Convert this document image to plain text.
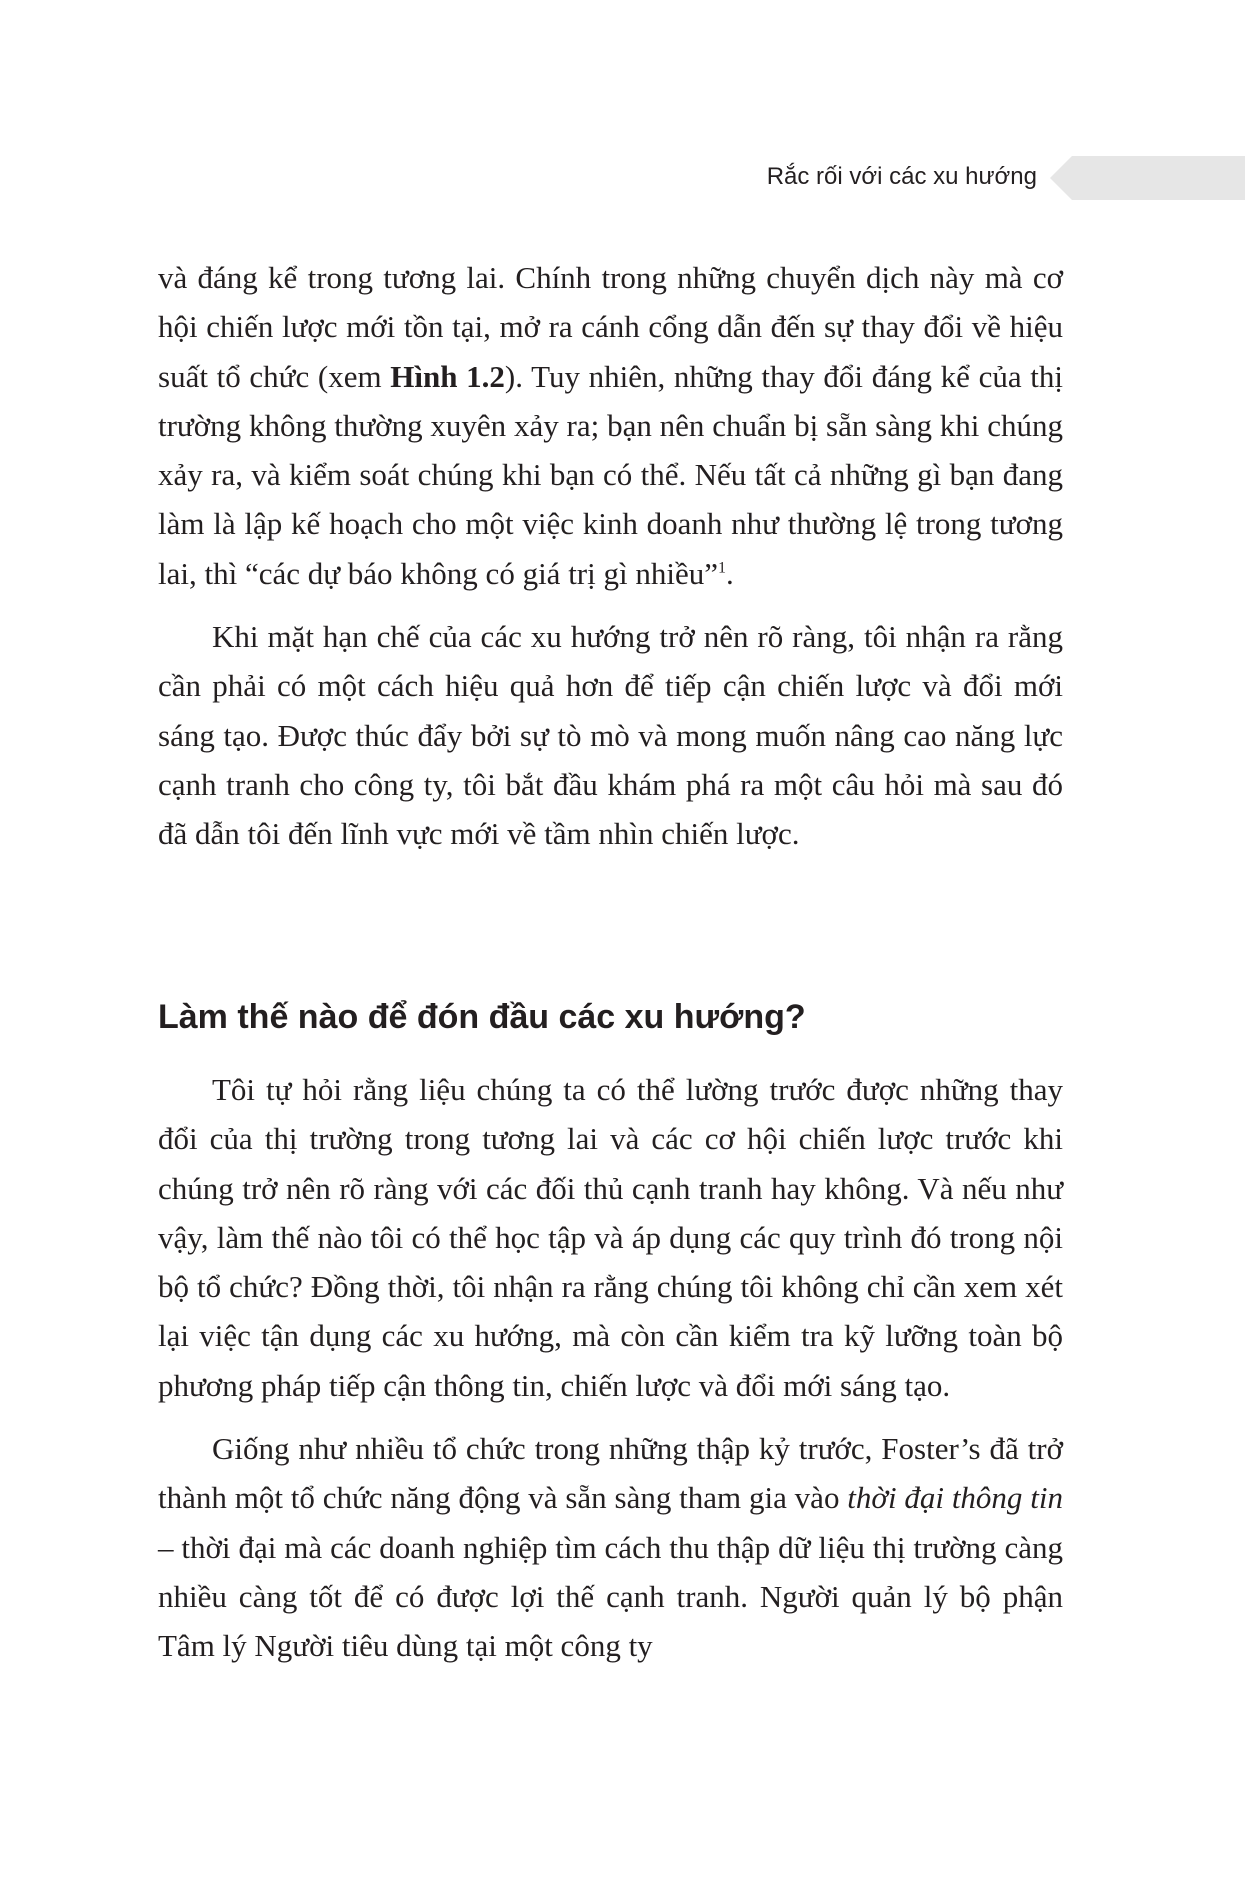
Rắc rối với các xu hướng

và đáng kể trong tương lai. Chính trong những chuyển dịch này mà cơ hội chiến lược mới tồn tại, mở ra cánh cổng dẫn đến sự thay đổi về hiệu suất tổ chức (xem Hình 1.2). Tuy nhiên, những thay đổi đáng kể của thị trường không thường xuyên xảy ra; bạn nên chuẩn bị sẵn sàng khi chúng xảy ra, và kiểm soát chúng khi bạn có thể. Nếu tất cả những gì bạn đang làm là lập kế hoạch cho một việc kinh doanh như thường lệ trong tương lai, thì “các dự báo không có giá trị gì nhiều”$^1$.

Khi mặt hạn chế của các xu hướng trở nên rõ ràng, tôi nhận ra rằng cần phải có một cách hiệu quả hơn để tiếp cận chiến lược và đổi mới sáng tạo. Được thúc đẩy bởi sự tò mò và mong muốn nâng cao năng lực cạnh tranh cho công ty, tôi bắt đầu khám phá ra một câu hỏi mà sau đó đã dẫn tôi đến lĩnh vực mới về tầm nhìn chiến lược.

Làm thế nào để đón đầu các xu hướng?

Tôi tự hỏi rằng liệu chúng ta có thể lường trước được những thay đổi của thị trường trong tương lai và các cơ hội chiến lược trước khi chúng trở nên rõ ràng với các đối thủ cạnh tranh hay không. Và nếu như vậy, làm thế nào tôi có thể học tập và áp dụng các quy trình đó trong nội bộ tổ chức? Đồng thời, tôi nhận ra rằng chúng tôi không chỉ cần xem xét lại việc tận dụng các xu hướng, mà còn cần kiểm tra kỹ lưỡng toàn bộ phương pháp tiếp cận thông tin, chiến lược và đổi mới sáng tạo.

Giống như nhiều tổ chức trong những thập kỷ trước, Foster’s đã trở thành một tổ chức năng động và sẵn sàng tham gia vào thời đại thông tin – thời đại mà các doanh nghiệp tìm cách thu thập dữ liệu thị trường càng nhiều càng tốt để có được lợi thế cạnh tranh. Người quản lý bộ phận Tâm lý Người tiêu dùng tại một công ty
